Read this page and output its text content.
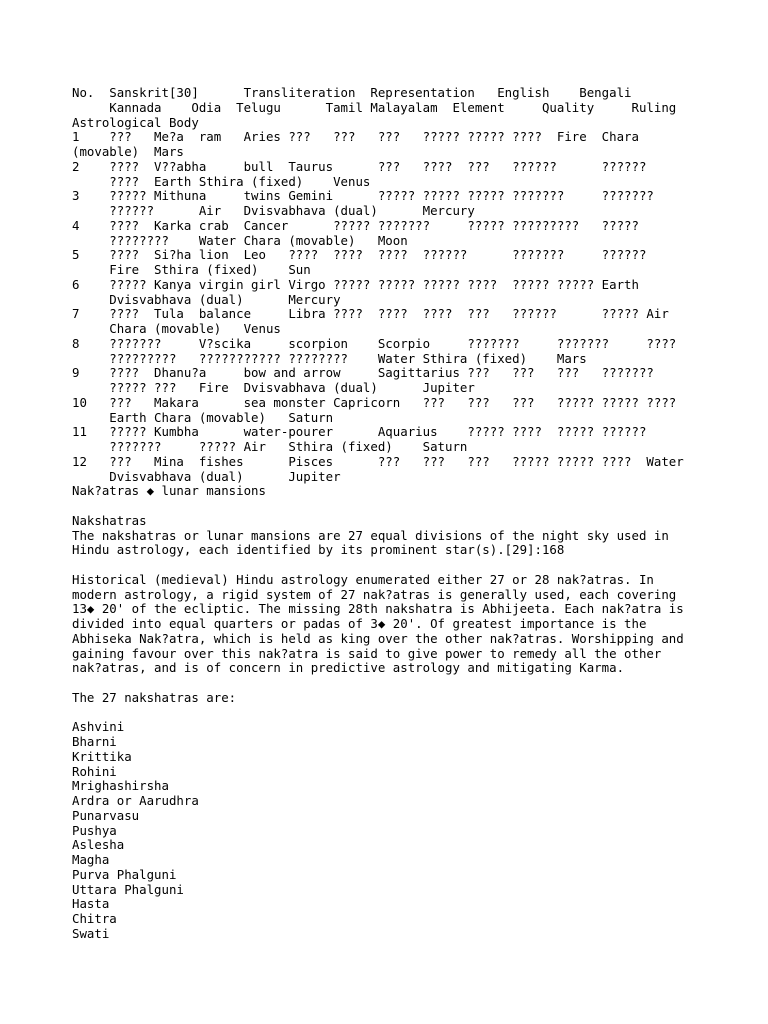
No.  Sanskrit[30]      Transliteration  Representation   English    Bengali
Kannada    Odia  Telugu      Tamil Malayalam  Element     Quality     Ruling
Astrological Body
1    ???   Me?a  ram   Aries ???   ???   ???   ????? ????? ????  Fire  Chara
(movable)  Mars
2    ????  V??abha     bull  Taurus      ???   ????  ???   ??????      ??????
????  Earth Sthira (fixed)    Venus
3    ????? Mithuna     twins Gemini      ????? ????? ????? ???????     ???????
??????      Air   Dvisvabhava (dual)      Mercury
4    ????  Karka crab  Cancer      ????? ???????     ????? ?????????   ?????
????????    Water Chara (movable)   Moon
5    ????  Si?ha lion  Leo   ????  ????  ????  ??????      ???????     ??????
Fire  Sthira (fixed)    Sun
6    ????? Kanya virgin girl Virgo ????? ????? ????? ????  ????? ????? Earth
Dvisvabhava (dual)      Mercury
7    ????  Tula  balance     Libra ????  ????  ????  ???   ??????      ????? Air
Chara (movable)   Venus
8    ???????     V?scika     scorpion    Scorpio     ???????     ???????     ????
?????????   ??????????? ????????    Water Sthira (fixed)    Mars
9    ????  Dhanu?a     bow and arrow     Sagittarius ???   ???   ???   ???????
????? ???   Fire  Dvisvabhava (dual)      Jupiter
10   ???   Makara      sea monster Capricorn   ???   ???   ???   ????? ????? ????
Earth Chara (movable)   Saturn
11   ????? Kumbha      water-pourer      Aquarius    ????? ????  ????? ??????
???????     ????? Air   Sthira (fixed)    Saturn
12   ???   Mina  fishes      Pisces      ???   ???   ???   ????? ????? ????  Water
Dvisvabhava (dual)      Jupiter
Nak?atras ◆ lunar mansions
Nakshatras
The nakshatras or lunar mansions are 27 equal divisions of the night sky used in
Hindu astrology, each identified by its prominent star(s).[29]:168
Historical (medieval) Hindu astrology enumerated either 27 or 28 nak?atras. In
modern astrology, a rigid system of 27 nak?atras is generally used, each covering
13◆ 20' of the ecliptic. The missing 28th nakshatra is Abhijeeta. Each nak?atra is
divided into equal quarters or padas of 3◆ 20'. Of greatest importance is the
Abhiseka Nak?atra, which is held as king over the other nak?atras. Worshipping and
gaining favour over this nak?atra is said to give power to remedy all the other
nak?atras, and is of concern in predictive astrology and mitigating Karma.
The 27 nakshatras are:
Ashvini
Bharni
Krittika
Rohini
Mrighashirsha
Ardra or Aarudhra
Punarvasu
Pushya
Aslesha
Magha
Purva Phalguni
Uttara Phalguni
Hasta
Chitra
Swati
